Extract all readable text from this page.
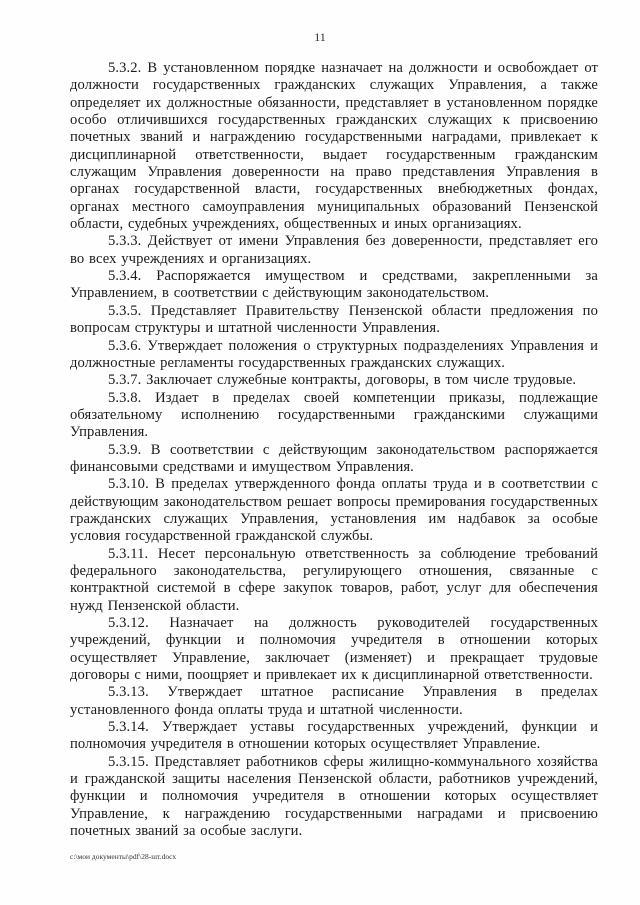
11

5.3.2. В установленном порядке назначает на должности и освобождает от должности государственных гражданских служащих Управления, а также определяет их должностные обязанности, представляет в установленном порядке особо отличившихся государственных гражданских служащих к присвоению почетных званий и награждению государственными наградами, привлекает к дисциплинарной ответственности, выдает государственным гражданским служащим Управления доверенности на право представления Управления в органах государственной власти, государственных внебюджетных фондах, органах местного самоуправления муниципальных образований Пензенской области, судебных учреждениях, общественных и иных организациях.

5.3.3. Действует от имени Управления без доверенности, представляет его во всех учреждениях и организациях.

5.3.4. Распоряжается имуществом и средствами, закрепленными за Управлением, в соответствии с действующим законодательством.

5.3.5. Представляет Правительству Пензенской области предложения по вопросам структуры и штатной численности Управления.

5.3.6. Утверждает положения о структурных подразделениях Управления и должностные регламенты государственных гражданских служащих.

5.3.7. Заключает служебные контракты, договоры, в том числе трудовые.

5.3.8. Издает в пределах своей компетенции приказы, подлежащие обязательному исполнению государственными гражданскими служащими Управления.

5.3.9. В соответствии с действующим законодательством распоряжается финансовыми средствами и имуществом Управления.

5.3.10. В пределах утвержденного фонда оплаты труда и в соответствии с действующим законодательством решает вопросы премирования государственных гражданских служащих Управления, установления им надбавок за особые условия государственной гражданской службы.

5.3.11. Несет персональную ответственность за соблюдение требований федерального законодательства, регулирующего отношения, связанные с контрактной системой в сфере закупок товаров, работ, услуг для обеспечения нужд Пензенской области.

5.3.12. Назначает на должность руководителей государственных учреждений, функции и полномочия учредителя в отношении которых осуществляет Управление, заключает (изменяет) и прекращает трудовые договоры с ними, поощряет и привлекает их к дисциплинарной ответственности.

5.3.13. Утверждает штатное расписание Управления в пределах установленного фонда оплаты труда и штатной численности.

5.3.14. Утверждает уставы государственных учреждений, функции и полномочия учредителя в отношении которых осуществляет Управление.

5.3.15. Представляет работников сферы жилищно-коммунального хозяйства и гражданской защиты населения Пензенской области, работников учреждений, функции и полномочия учредителя в отношении которых осуществляет Управление, к награждению государственными наградами и присвоению почетных званий за особые заслуги.

с:\мои документы\pdf\28-шт.docx
